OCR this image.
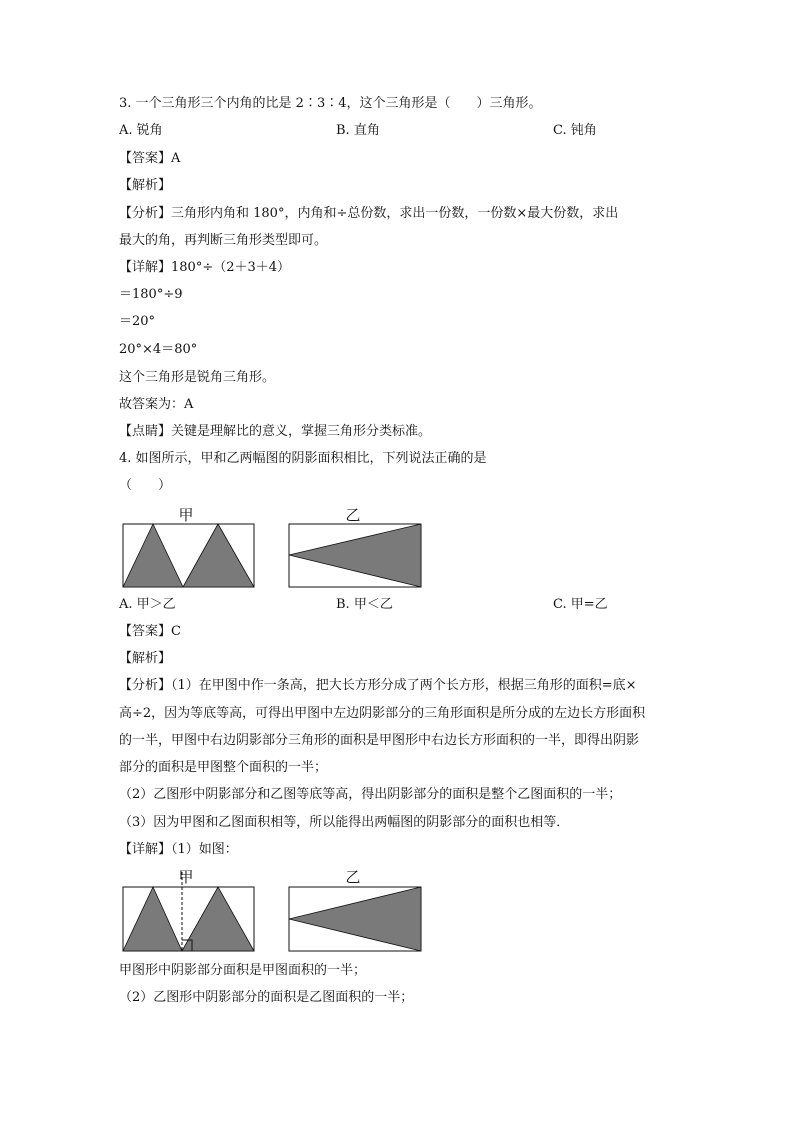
3. 一个三角形三个内角的比是 2∶3∶4，这个三角形是（　　）三角形。
A. 锐角	B. 直角	C. 钝角
【答案】A
【解析】
【分析】三角形内角和 180°，内角和÷总份数，求出一份数，一份数×最大份数，求出
最大的角，再判断三角形类型即可。
【详解】180°÷（2＋3＋4）
＝180°÷9
＝20°
20°×4＝80°
这个三角形是锐角三角形。
故答案为：A
【点睛】关键是理解比的意义，掌握三角形分类标准。
4. 如图所示，甲和乙两幅图的阴影面积相比，下列说法正确的是
（　　）
甲	乙
A. 甲＞乙	B. 甲＜乙	C. 甲=乙
【答案】C
【解析】
【分析】（1）在甲图中作一条高，把大长方形分成了两个长方形，根据三角形的面积=底×
高÷2，因为等底等高，可得出甲图中左边阴影部分的三角形面积是所分成的左边长方形面积
的一半，甲图中右边阴影部分三角形的面积是甲图形中右边长方形面积的一半，即得出阴影
部分的面积是甲图整个面积的一半；
（2）乙图形中阴影部分和乙图等底等高，得出阴影部分的面积是整个乙图面积的一半；
（3）因为甲图和乙图面积相等，所以能得出两幅图的阴影部分的面积也相等．
【详解】（1）如图：
甲	乙
甲图形中阴影部分面积是甲图面积的一半；
（2）乙图形中阴影部分的面积是乙图面积的一半；
